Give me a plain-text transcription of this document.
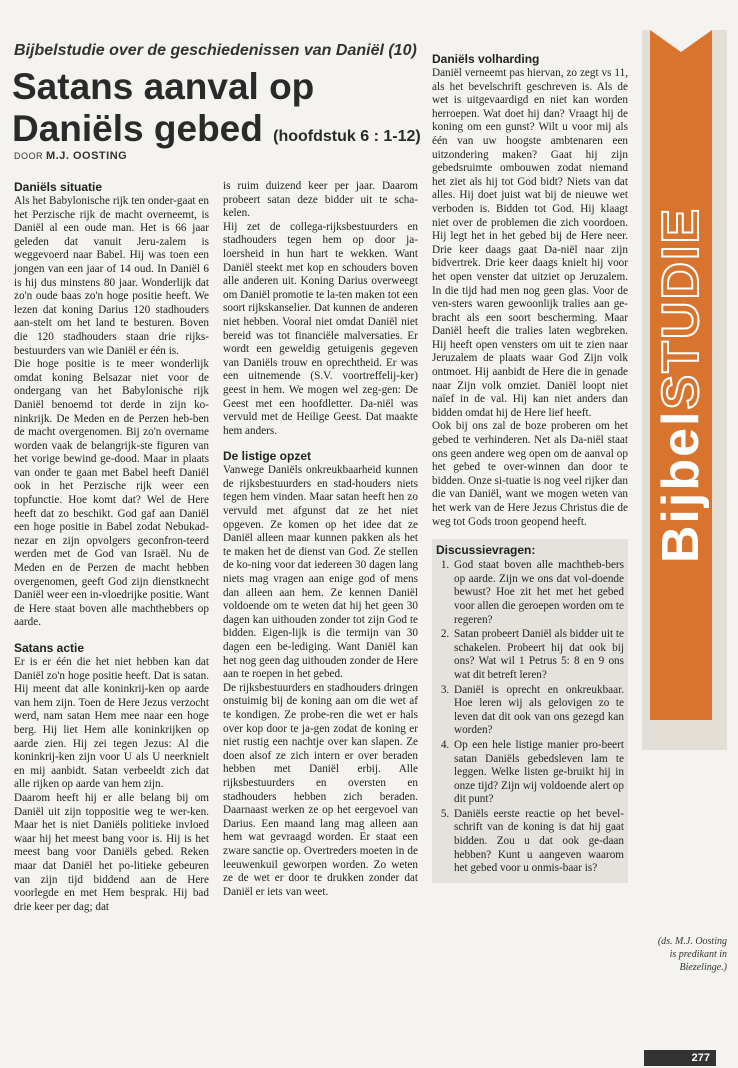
Bijbelstudie over de geschiedenissen van Daniël (10)
Satans aanval op
Daniëls gebed (hoofdstuk 6 : 1-12)
DOOR M.J. OOSTING
Daniëls situatie

Als het Babylonische rijk ten onder-gaat en het Perzische rijk de macht overneemt, is Daniël al een oude man. Het is 66 jaar geleden dat vanuit Jeru-zalem is weggevoerd naar Babel. Hij was toen een jongen van een jaar of 14 oud. In Daniël 6 is hij dus minstens 80 jaar. Wonderlijk dat zo'n oude baas zo'n hoge positie heeft. We lezen dat koning Darius 120 stadhouders aan-stelt om het land te besturen. Boven die 120 stadhouders staan drie rijks-bestuurders van wie Daniël er één is.

Die hoge positie is te meer wonderlijk omdat koning Belsazar niet voor de ondergang van het Babylonische rijk Daniël benoemd tot derde in zijn ko-ninkrijk. De Meden en de Perzen heb-ben de macht overgenomen. Bij zo'n overname worden vaak de belangrijk-ste figuren van het vorige bewind ge-dood. Maar in plaats van onder te gaan met Babel heeft Daniël ook in het Perzische rijk weer een topfunctie. Hoe komt dat? Wel de Here heeft dat zo beschikt. God gaf aan Daniël een hoge positie in Babel zodat Nebukad-nezar en zijn opvolgers geconfron-teerd werden met de God van Israël. Nu de Meden en de Perzen de macht hebben overgenomen, geeft God zijn dienstknecht Daniël weer een in-vloedrijke positie. Want de Here staat boven alle machthebbers op aarde.

Satans actie

Er is er één die het niet hebben kan dat Daniël zo'n hoge positie heeft. Dat is satan. Hij meent dat alle koninkrij-ken op aarde van hem zijn. Toen de Here Jezus verzocht werd, nam satan Hem mee naar een hoge berg. Hij liet Hem alle koninkrijken op aarde zien. Hij zei tegen Jezus: Al die koninkrij-ken zijn voor U als U neerknielt en mij aanbidt. Satan verbeeldt zich dat alle rijken op aarde van hem zijn.

Daarom heeft hij er alle belang bij om Daniël uit zijn toppositie weg te wer-ken. Maar het is niet Daniëls politieke invloed waar hij het meest bang voor is. Hij is het meest bang voor Daniëls gebed. Reken maar dat Daniël het po-litieke gebeuren van zijn tijd biddend aan de Here voorlegde en met Hem besprak. Hij bad drie keer per dag; dat

is ruim duizend keer per jaar. Daarom probeert satan deze bidder uit te scha-kelen.

Hij zet de collega-rijksbestuurders en stadhouders tegen hem op door ja-loersheid in hun hart te wekken. Want Daniël steekt met kop en schouders boven alle anderen uit. Koning Darius overweegt om Daniël promotie te la-ten maken tot een soort rijkskanselier. Dat kunnen de anderen niet hebben. Vooral niet omdat Daniël niet bereid was tot financiële malversaties. Er wordt een geweldig getuigenis gegeven van Daniëls trouw en oprechtheid. Er was een uitnemende (S.V. voortreffelij-ker) geest in hem. We mogen wel zeg-gen: De Geest met een hoofdletter. Da-niël was vervuld met de Heilige Geest. Dat maakte hem anders.

De listige opzet

Vanwege Daniëls onkreukbaarheid kunnen de rijksbestuurders en stad-houders niets tegen hem vinden. Maar satan heeft hen zo vervuld met afgunst dat ze het niet opgeven. Ze komen op het idee dat ze Daniël alleen maar kunnen pakken als het te maken het de dienst van God. Ze stellen de ko-ning voor dat iedereen 30 dagen lang niets mag vragen aan enige god of mens dan alleen aan hem. Ze kennen Daniël voldoende om te weten dat hij het geen 30 dagen kan uithouden zonder tot zijn God te bidden. Eigen-lijk is die termijn van 30 dagen een be-lediging. Want Daniël kan het nog geen dag uithouden zonder de Here aan te roepen in het gebed.

De rijksbestuurders en stadhouders dringen onstuimig bij de koning aan om die wet af te kondigen. Ze probe-ren die wet er hals over kop door te ja-gen zodat de koning er niet rustig een nachtje over kan slapen. Ze doen alsof ze zich intern er over beraden hebben met Daniël erbij. Alle rijksbestuurders en oversten en stadhouders hebben zich beraden. Daarnaast werken ze op het eergevoel van Darius. Een maand lang mag alleen aan hem wat gevraagd worden. Er staat een zware sanctie op. Overtreders moeten in de leeuwenkuil geworpen worden. Zo weten ze de wet er door te drukken zonder dat Daniël er iets van weet.

Daniëls volharding

Daniël verneemt pas hiervan, zo zegt vs 11, als het bevelschrift geschreven is. Als de wet is uitgevaardigd en niet kan worden herroepen. Wat doet hij dan? Vraagt hij de koning om een gunst? Wilt u voor mij als één van uw hoogste ambtenaren een uitzondering maken? Gaat hij zijn gebedsruimte ombouwen zodat niemand het ziet als hij tot God bidt? Niets van dat alles. Hij doet juist wat bij de nieuwe wet verboden is. Bidden tot God. Hij klaagt niet over de problemen die zich voordoen. Hij legt het in het gebed bij de Here neer. Drie keer daags gaat Da-niël naar zijn bidvertrek. Drie keer daags knielt hij voor het open venster dat uitziet op Jeruzalem. In die tijd had men nog geen glas. Voor de ven-sters waren gewoonlijk tralies aan ge-bracht als een soort bescherming. Maar Daniël heeft die tralies laten wegbreken. Hij heeft open vensters om uit te zien naar Jeruzalem de plaats waar God Zijn volk ontmoet. Hij aanbidt de Here die in genade naar Zijn volk omziet. Daniël loopt niet naïef in de val. Hij kan niet anders dan bidden omdat hij de Here lief heeft.

Ook bij ons zal de boze proberen om het gebed te verhinderen. Net als Da-niël staat ons geen andere weg open om de aanval op het gebed te over-winnen dan door te bidden. Onze si-tuatie is nog veel rijker dan die van Daniël, want we mogen weten van het werk van de Here Jezus Christus die de weg tot Gods troon geopend heeft.

Discussievragen:
1. God staat boven alle machtheb-bers op aarde. Zijn we ons dat vol-doende bewust? Hoe zit het met het gebed voor allen die geroepen worden om te regeren?
2. Satan probeert Daniël als bidder uit te schakelen. Probeert hij dat ook bij ons? Wat wil 1 Petrus 5: 8 en 9 ons wat dit betreft leren?
3. Daniël is oprecht en onkreukbaar. Hoe leren wij als gelovigen zo te leven dat dit ook van ons gezegd kan worden?
4. Op een hele listige manier pro-beert satan Daniëls gebedsleven lam te leggen. Welke listen ge-bruikt hij in onze tijd? Zijn wij voldoende alert op dit punt?
5. Daniëls eerste reactie op het bevel-schrift van de koning is dat hij gaat bidden. Zou u dat ook ge-daan hebben? Kunt u aangeven waarom het gebed voor u onmis-baar is?
BijbelSTUDIE
(ds. M.J. Oosting
is predikant in
Biezelinge.)
277
